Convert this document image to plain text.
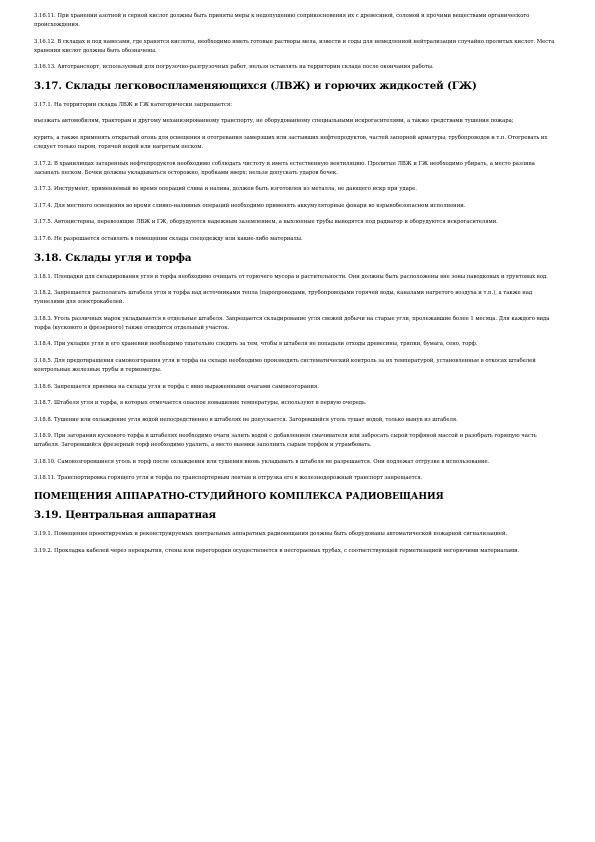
3.16.11. При хранении азотной и серной кислот должны быть приняты меры к недопущению соприкосновения их с древесиной, соломой и прочими веществами органического происхождения.

3.16.12. В складах и под навесами, где хранятся кислоты, необходимо иметь готовые растворы мела, извести и соды для немедленной нейтрализации случайно пролитых кислот. Места хранения кислот должны быть обозначены.

3.16.13. Автотранспорт, используемый для погрузочно-разгрузочных работ, нельзя оставлять на территории склада после окончания работы.

3.17. Склады легковоспламеняющихся (ЛВЖ) и горючих жидкостей (ГЖ)

3.17.1. На территории склада ЛВЖ и ГЖ категорически запрещается:

въезжать автомобилям, тракторам и другому механизированному транспорту, не оборудованному специальными искрогасителями, а также средствами тушения пожара;

курить, а также применять открытый огонь для освещения и отогревания замерзших или застывших нефтепродуктов, частей запорной арматуры, трубопроводов и т.п. Отогревать их следует только паром, горячей водой или нагретым песком.

3.17.2. В хранилищах затаренных нефтепродуктов необходимо соблюдать чистоту и иметь естественную вентиляцию. Пролитые ЛВЖ и ГЖ необходимо убирать, а место разлива засыпать песком. Бочки должны укладываться осторожно, пробками вверх; нельзя допускать ударов бочек.

3.17.3. Инструмент, применяемый во время операций слива и налива, должен быть изготовлен из металла, не дающего искр при ударе.

3.17.4. Для местного освещения во время сливно-наливных операций необходимо применять аккумуляторные фонари во взрывобезопасном исполнении.

3.17.5. Автоцистерны, перевозящие ЛВЖ и ГЖ, оборудуются надежным заземлением, а выхлопные трубы выводятся под радиатор и оборудуются искрогасителями.

3.17.6. Не разрешается оставлять в помещении склада спецодежду или какие-либо материалы.

3.18. Склады угля и торфа

3.18.1. Площадки для складирования угля и торфа необходимо очищать от горючего мусора и растительности. Они должны быть расположены вне зоны паводковых и грунтовых вод.

3.18.2. Запрещается располагать штабеля угля и торфа над источниками тепла (паропроводами, трубопроводами горячей воды, каналами нагретого воздуха и т.п.), а также над туннелями для электрокабелей.

3.18.3. Уголь различных марок укладывается в отдельные штабеля. Запрещается складирование угля свежей добычи на старые угли, пролежавшие более 1 месяца. Для каждого вида торфа (кускового и фрезерного) также отводится отдельный участок.

3.18.4. При укладке угля и его хранении необходимо тщательно следить за тем, чтобы в штабеля не попадали отходы древесины, тряпки, бумага, сено, торф.

3.18.5. Для предотвращения самовозгорания угля и торфа на складе необходимо производить систематический контроль за их температурой, установленные в откосах штабелей контрольные железные трубы и термометры.

3.18.6. Запрещается приемка на склады угля и торфа с явно выраженными очагами самовозгорания.

3.18.7. Штабеля угля и торфа, в которых отмечается опасное повышение температуры, используют в первую очередь.

3.18.8. Тушение или охлаждение угля водой непосредственно в штабелях не допускается. Загоревшийся уголь тушат водой, только вынув из штабеля.

3.18.9. При загорании кускового торфа в штабелях необходимо очаги залить водой с добавлением смачивателя или забросать сырой торфяной массой и разобрать горящую часть штабеля. Загоревшийся фрезерный торф необходимо удалить, а место выемки заполнить сырым торфом и утрамбовать.

3.18.10. Самовозгоревшиеся уголь и торф после охлаждения или тушения вновь укладывать в штабеля не разрешается. Они подлежат отгрузке в использование.

3.18.11. Транспортировка горящего угля и торфа по транспортерным лентам и отгрузка его в железнодорожный транспорт запрещается.

ПОМЕЩЕНИЯ АППАРАТНО-СТУДИЙНОГО КОМПЛЕКСА РАДИОВЕЩАНИЯ
3.19. Центральная аппаратная

3.19.1. Помещения проектируемых и реконструируемых центральных аппаратных радиовещания должны быть оборудованы автоматической пожарной сигнализацией.

3.19.2. Прокладка кабелей через перекрытия, стены или перегородки осуществляется в несгораемых трубах, с соответствующей герметизацией негорючими материалами.
